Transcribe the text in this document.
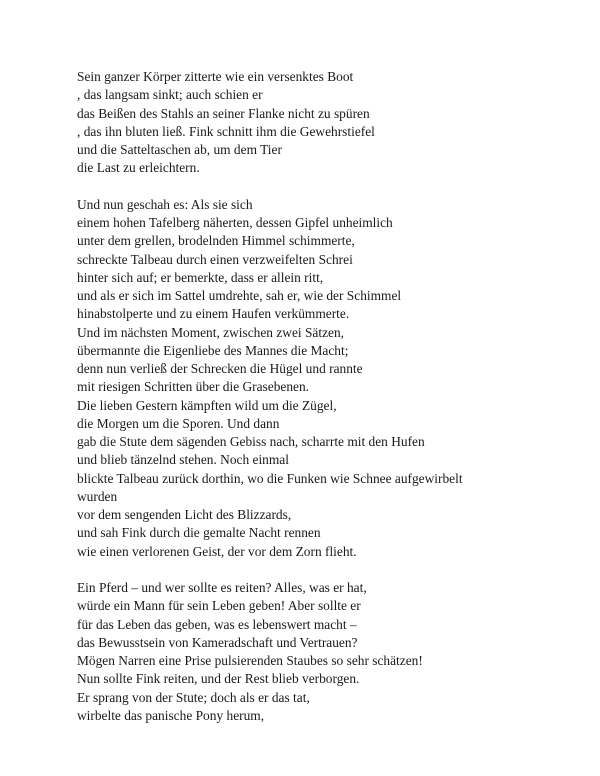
Sein ganzer Körper zitterte wie ein versenktes Boot
, das langsam sinkt; auch schien er
das Beißen des Stahls an seiner Flanke nicht zu spüren
, das ihn bluten ließ. Fink schnitt ihm die Gewehrstiefel
und die Satteltaschen ab, um dem Tier
die Last zu erleichtern.

Und nun geschah es: Als sie sich
einem hohen Tafelberg näherten, dessen Gipfel unheimlich
unter dem grellen, brodelnden Himmel schimmerte,
schreckte Talbeau durch einen verzweifelten Schrei
hinter sich auf; er bemerkte, dass er allein ritt,
und als er sich im Sattel umdrehte, sah er, wie der Schimmel
hinabstolperte und zu einem Haufen verkümmerte.
Und im nächsten Moment, zwischen zwei Sätzen,
übermannte die Eigenliebe des Mannes die Macht;
denn nun verließ der Schrecken die Hügel und rannte
mit riesigen Schritten über die Grasebenen.
Die lieben Gestern kämpften wild um die Zügel,
die Morgen um die Sporen. Und dann
gab die Stute dem sägenden Gebiss nach, scharrte mit den Hufen
und blieb tänzelnd stehen. Noch einmal
blickte Talbeau zurück dorthin, wo die Funken wie Schnee aufgewirbelt
wurden
vor dem sengenden Licht des Blizzards,
und sah Fink durch die gemalte Nacht rennen
wie einen verlorenen Geist, der vor dem Zorn flieht.

Ein Pferd – und wer sollte es reiten? Alles, was er hat,
würde ein Mann für sein Leben geben! Aber sollte er
für das Leben das geben, was es lebenswert macht –
das Bewusstsein von Kameradschaft und Vertrauen?
Mögen Narren eine Prise pulsierenden Staubes so sehr schätzen!
Nun sollte Fink reiten, und der Rest blieb verborgen.
Er sprang von der Stute; doch als er das tat,
wirbelte das panische Pony herum,
